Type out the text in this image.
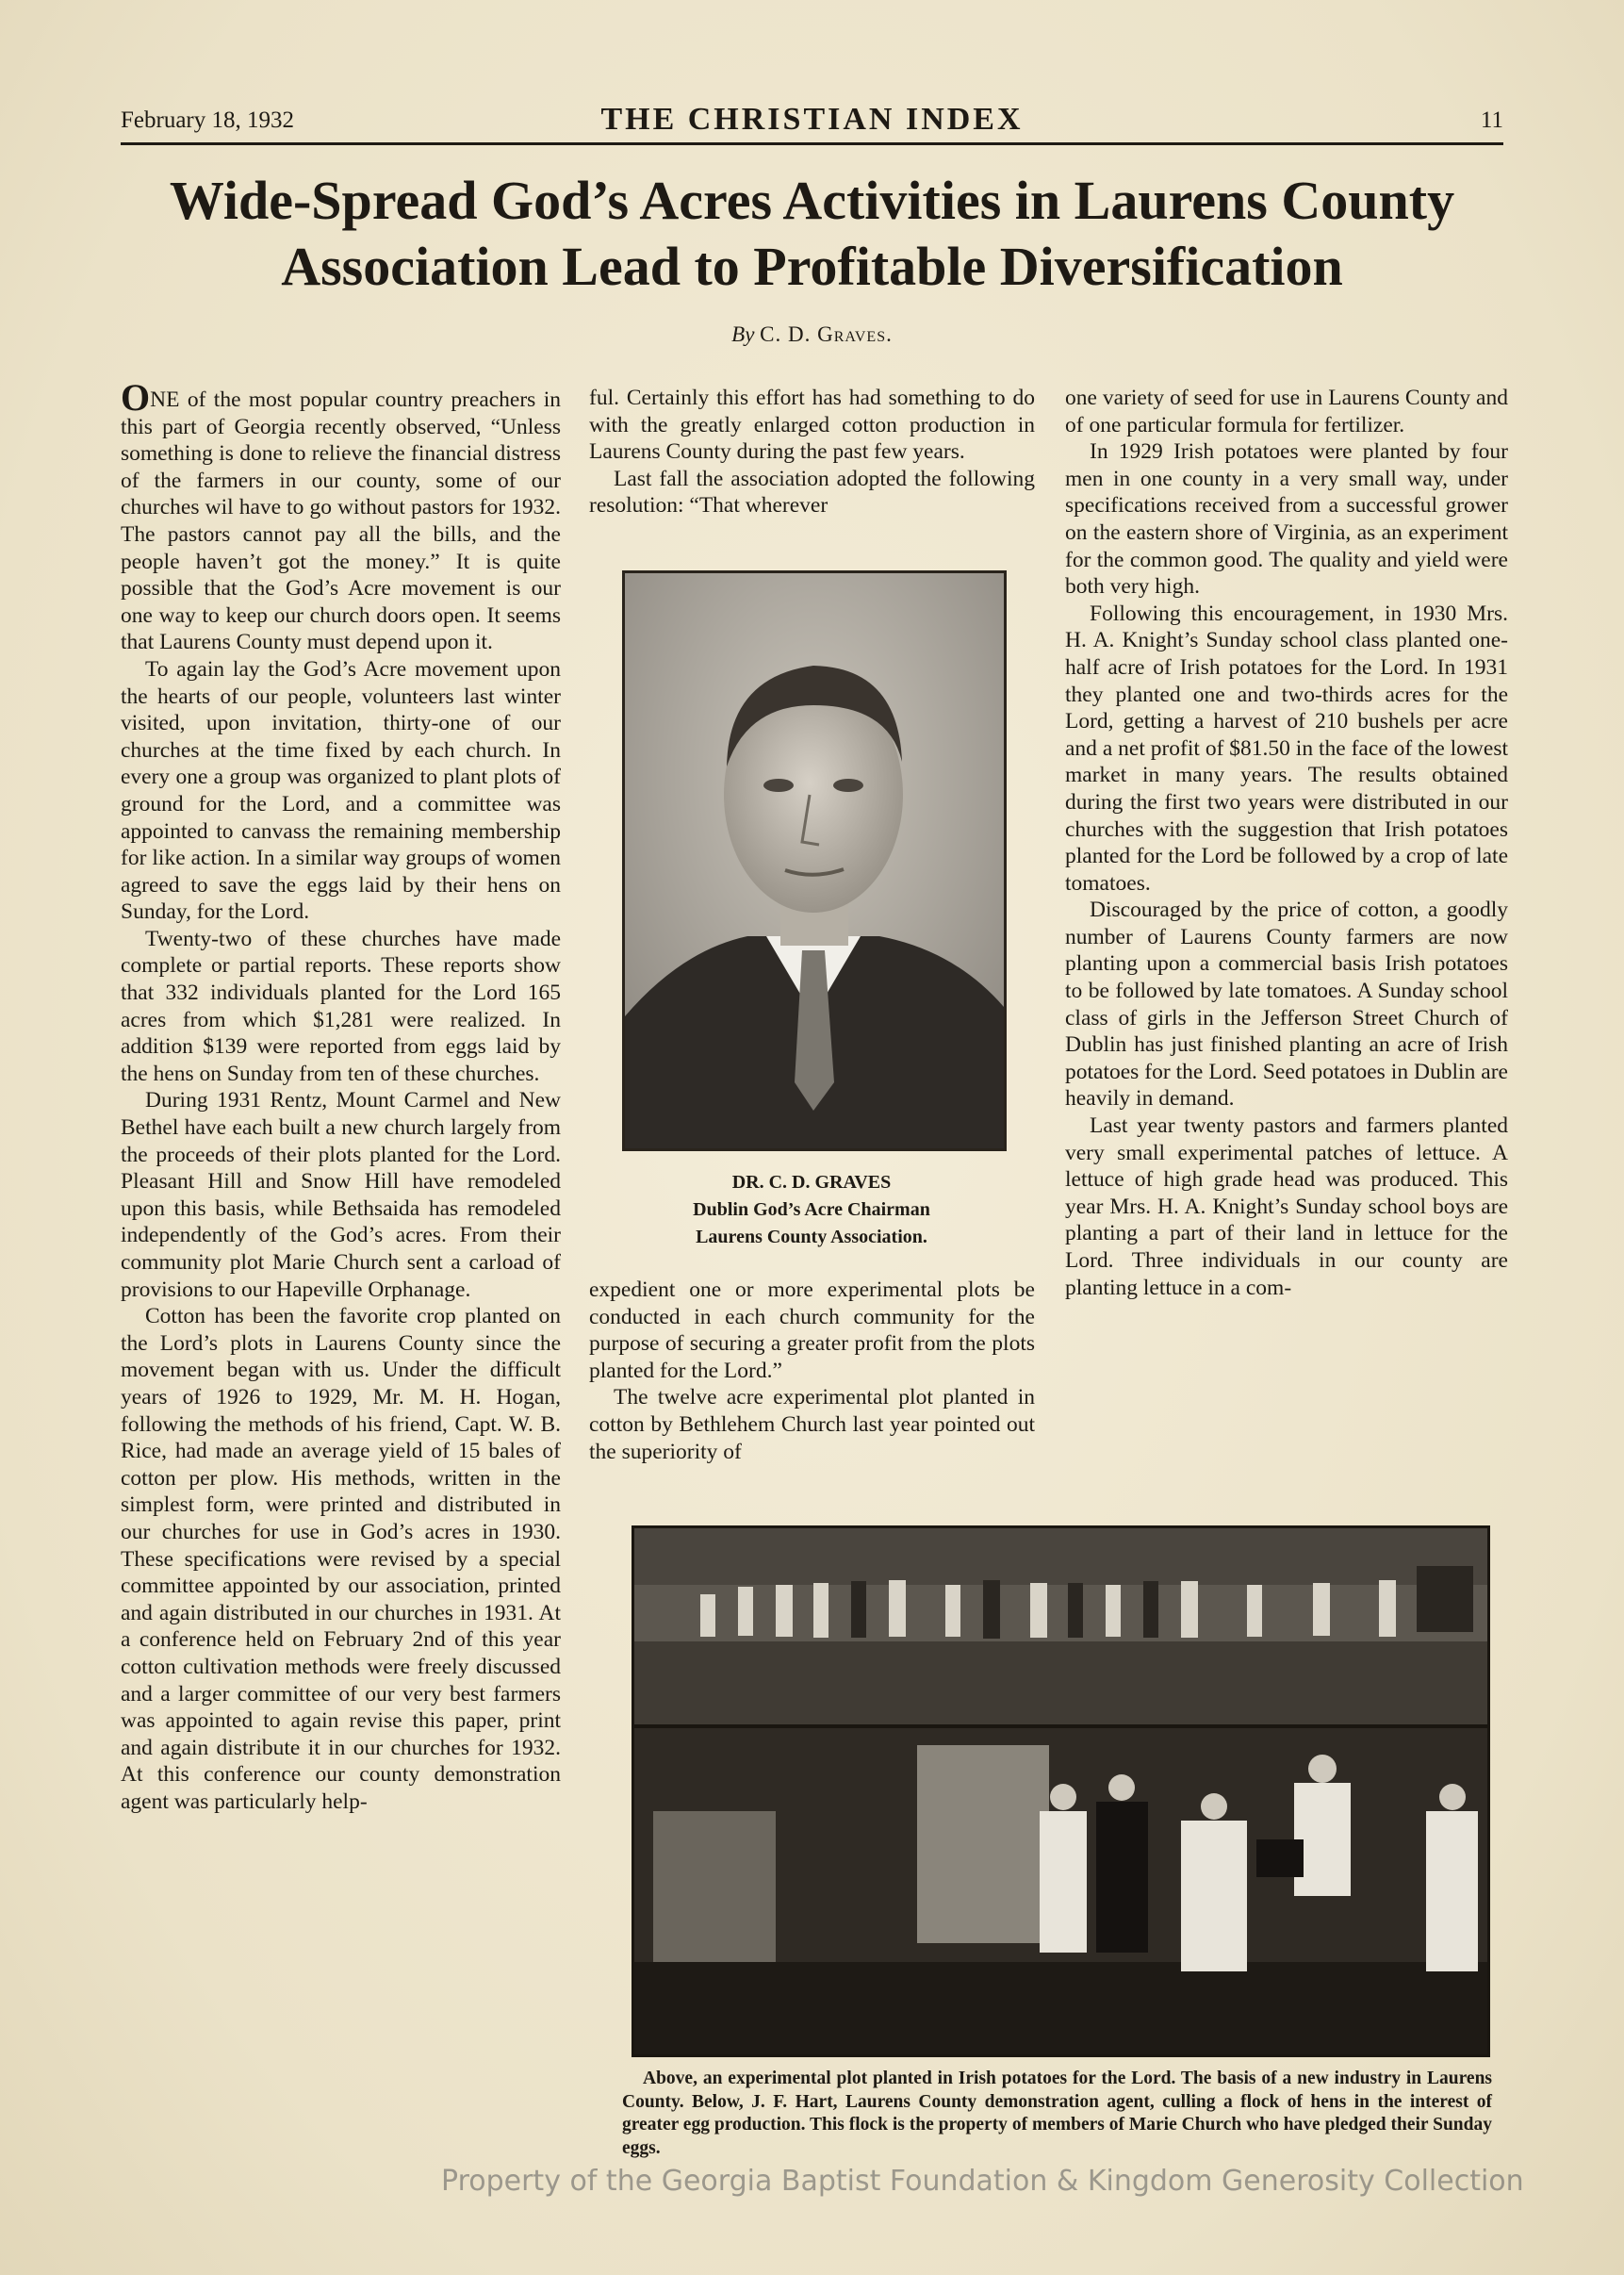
February 18, 1932	THE CHRISTIAN INDEX	11
Wide-Spread God’s Acres Activities in Laurens County Association Lead to Profitable Diversification
By C. D. Graves.

ONE of the most popular country preachers in this part of Georgia recently observed, “Unless something is done to relieve the financial distress of the farmers in our county, some of our churches wil have to go without pastors for 1932. The pastors cannot pay all the bills, and the people haven’t got the money.” It is quite possible that the God’s Acre movement is our one way to keep our church doors open. It seems that Laurens County must depend upon it.

To again lay the God’s Acre movement upon the hearts of our people, volunteers last winter visited, upon invitation, thirty-one of our churches at the time fixed by each church. In every one a group was organized to plant plots of ground for the Lord, and a committee was appointed to canvass the remaining membership for like action. In a similar way groups of women agreed to save the eggs laid by their hens on Sunday, for the Lord.

Twenty-two of these churches have made complete or partial reports. These reports show that 332 individuals planted for the Lord 165 acres from which $1,281 were realized. In addition $139 were reported from eggs laid by the hens on Sunday from ten of these churches.

During 1931 Rentz, Mount Carmel and New Bethel have each built a new church largely from the proceeds of their plots planted for the Lord. Pleasant Hill and Snow Hill have remodeled upon this basis, while Bethsaida has remodeled independently of the God’s acres. From their community plot Marie Church sent a carload of provisions to our Hapeville Orphanage.

Cotton has been the favorite crop planted on the Lord’s plots in Laurens County since the movement began with us. Under the difficult years of 1926 to 1929, Mr. M. H. Hogan, following the methods of his friend, Capt. W. B. Rice, had made an average yield of 15 bales of cotton per plow. His methods, written in the simplest form, were printed and distributed in our churches for use in God’s acres in 1930. These specifications were revised by a special committee appointed by our association, printed and again distributed in our churches in 1931. At a conference held on February 2nd of this year cotton cultivation methods were freely discussed and a larger committee of our very best farmers was appointed to again revise this paper, print and again distribute it in our churches for 1932. At this conference our county demonstration agent was particularly help-

ful. Certainly this effort has had something to do with the greatly enlarged cotton production in Laurens County during the past few years.

Last fall the association adopted the following resolution: “That wherever

DR. C. D. GRAVES
Dublin God’s Acre Chairman
Laurens County Association.

expedient one or more experimental plots be conducted in each church community for the purpose of securing a greater profit from the plots planted for the Lord.”

The twelve acre experimental plot planted in cotton by Bethlehem Church last year pointed out the superiority of

one variety of seed for use in Laurens County and of one particular formula for fertilizer.

In 1929 Irish potatoes were planted by four men in one county in a very small way, under specifications received from a successful grower on the eastern shore of Virginia, as an experiment for the common good. The quality and yield were both very high.

Following this encouragement, in 1930 Mrs. H. A. Knight’s Sunday school class planted one-half acre of Irish potatoes for the Lord. In 1931 they planted one and two-thirds acres for the Lord, getting a harvest of 210 bushels per acre and a net profit of $81.50 in the face of the lowest market in many years. The results obtained during the first two years were distributed in our churches with the suggestion that Irish potatoes planted for the Lord be followed by a crop of late tomatoes.

Discouraged by the price of cotton, a goodly number of Laurens County farmers are now planting upon a commercial basis Irish potatoes to be followed by late tomatoes. A Sunday school class of girls in the Jefferson Street Church of Dublin has just finished planting an acre of Irish potatoes for the Lord. Seed potatoes in Dublin are heavily in demand.

Last year twenty pastors and farmers planted very small experimental patches of lettuce. A lettuce of high grade head was produced. This year Mrs. H. A. Knight’s Sunday school boys are planting a part of their land in lettuce for the Lord. Three individuals in our county are planting lettuce in a com-

Above, an experimental plot planted in Irish potatoes for the Lord. The basis of a new industry in Laurens County. Below, J. F. Hart, Laurens County demonstration agent, culling a flock of hens in the interest of greater egg production. This flock is the property of members of Marie Church who have pledged their Sunday eggs.
Property of the Georgia Baptist Foundation & Kingdom Generosity Collection
